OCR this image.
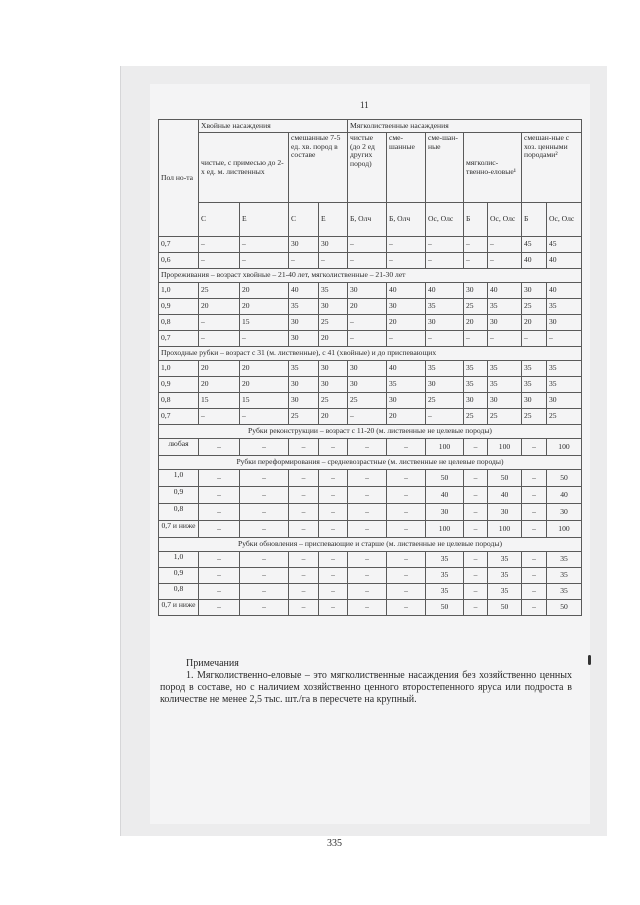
11
Пол но-та	Хвойные насаждения				Мягколиственные насаждения						
	чистые, с примесью до 2-х ед. м. лиственных		смешанные 7-5 ед. хв. пород в составе		чистые (до 2 ед других пород)	сме-шанные	сме-шан-ные	мягколис-твенно-еловые¹		смешан-ные с хоз. ценными породами²	
	С	Е	С	Е	Б, Олч	Б, Олч	Ос, Олс	Б	Ос, Олс	Б	Ос, Олс
0,7	–	–	30	30	–	–	–	–	–	45	45
0,6	–	–	–	–	–	–	–	–	–	40	40
Прореживания – возраст хвойные – 21-40 лет, мягколиственные – 21-30 лет											
1,0	25	20	40	35	30	40	40	30	40	30	40
0,9	20	20	35	30	20	30	35	25	35	25	35
0,8	–	15	30	25	–	20	30	20	30	20	30
0,7	–	–	30	20	–	–	–	–	–	–	–
Проходные рубки – возраст с 31 (м. лиственные), с 41 (хвойные) и до приспевающих											
1,0	20	20	35	30	30	40	35	35	35	35	35
0,9	20	20	30	30	30	35	30	35	35	35	35
0,8	15	15	30	25	25	30	25	30	30	30	30
0,7	–	–	25	20	–	20	–	25	25	25	25
Рубки реконструкции – возраст с 11-20 (м. лиственные не целевые породы)											
любая	–	–	–	–	–	–	100	–	100	–	100
Рубки переформирования – средневозрастные (м. лиственные не целевые породы)											
1,0	–	–	–	–	–	–	50	–	50	–	50
0,9	–	–	–	–	–	–	40	–	40	–	40
0,8	–	–	–	–	–	–	30	–	30	–	30
0,7 и ниже	–	–	–	–	–	–	100	–	100	–	100
Рубки обновления – приспевающие и старше (м. лиственные не целевые породы)											
1,0	–	–	–	–	–	–	35	–	35	–	35
0,9	–	–	–	–	–	–	35	–	35	–	35
0,8	–	–	–	–	–	–	35	–	35	–	35
0,7 и ниже	–	–	–	–	–	–	50	–	50	–	50
Примечания
1. Мягколиственно-еловые – это мягколиственные насаждения без хозяйственно ценных пород в составе, но с наличием хозяйственно ценного второстепенного яруса или подроста в количестве не менее 2,5 тыс. шт./га в пересчете на крупный.
335
